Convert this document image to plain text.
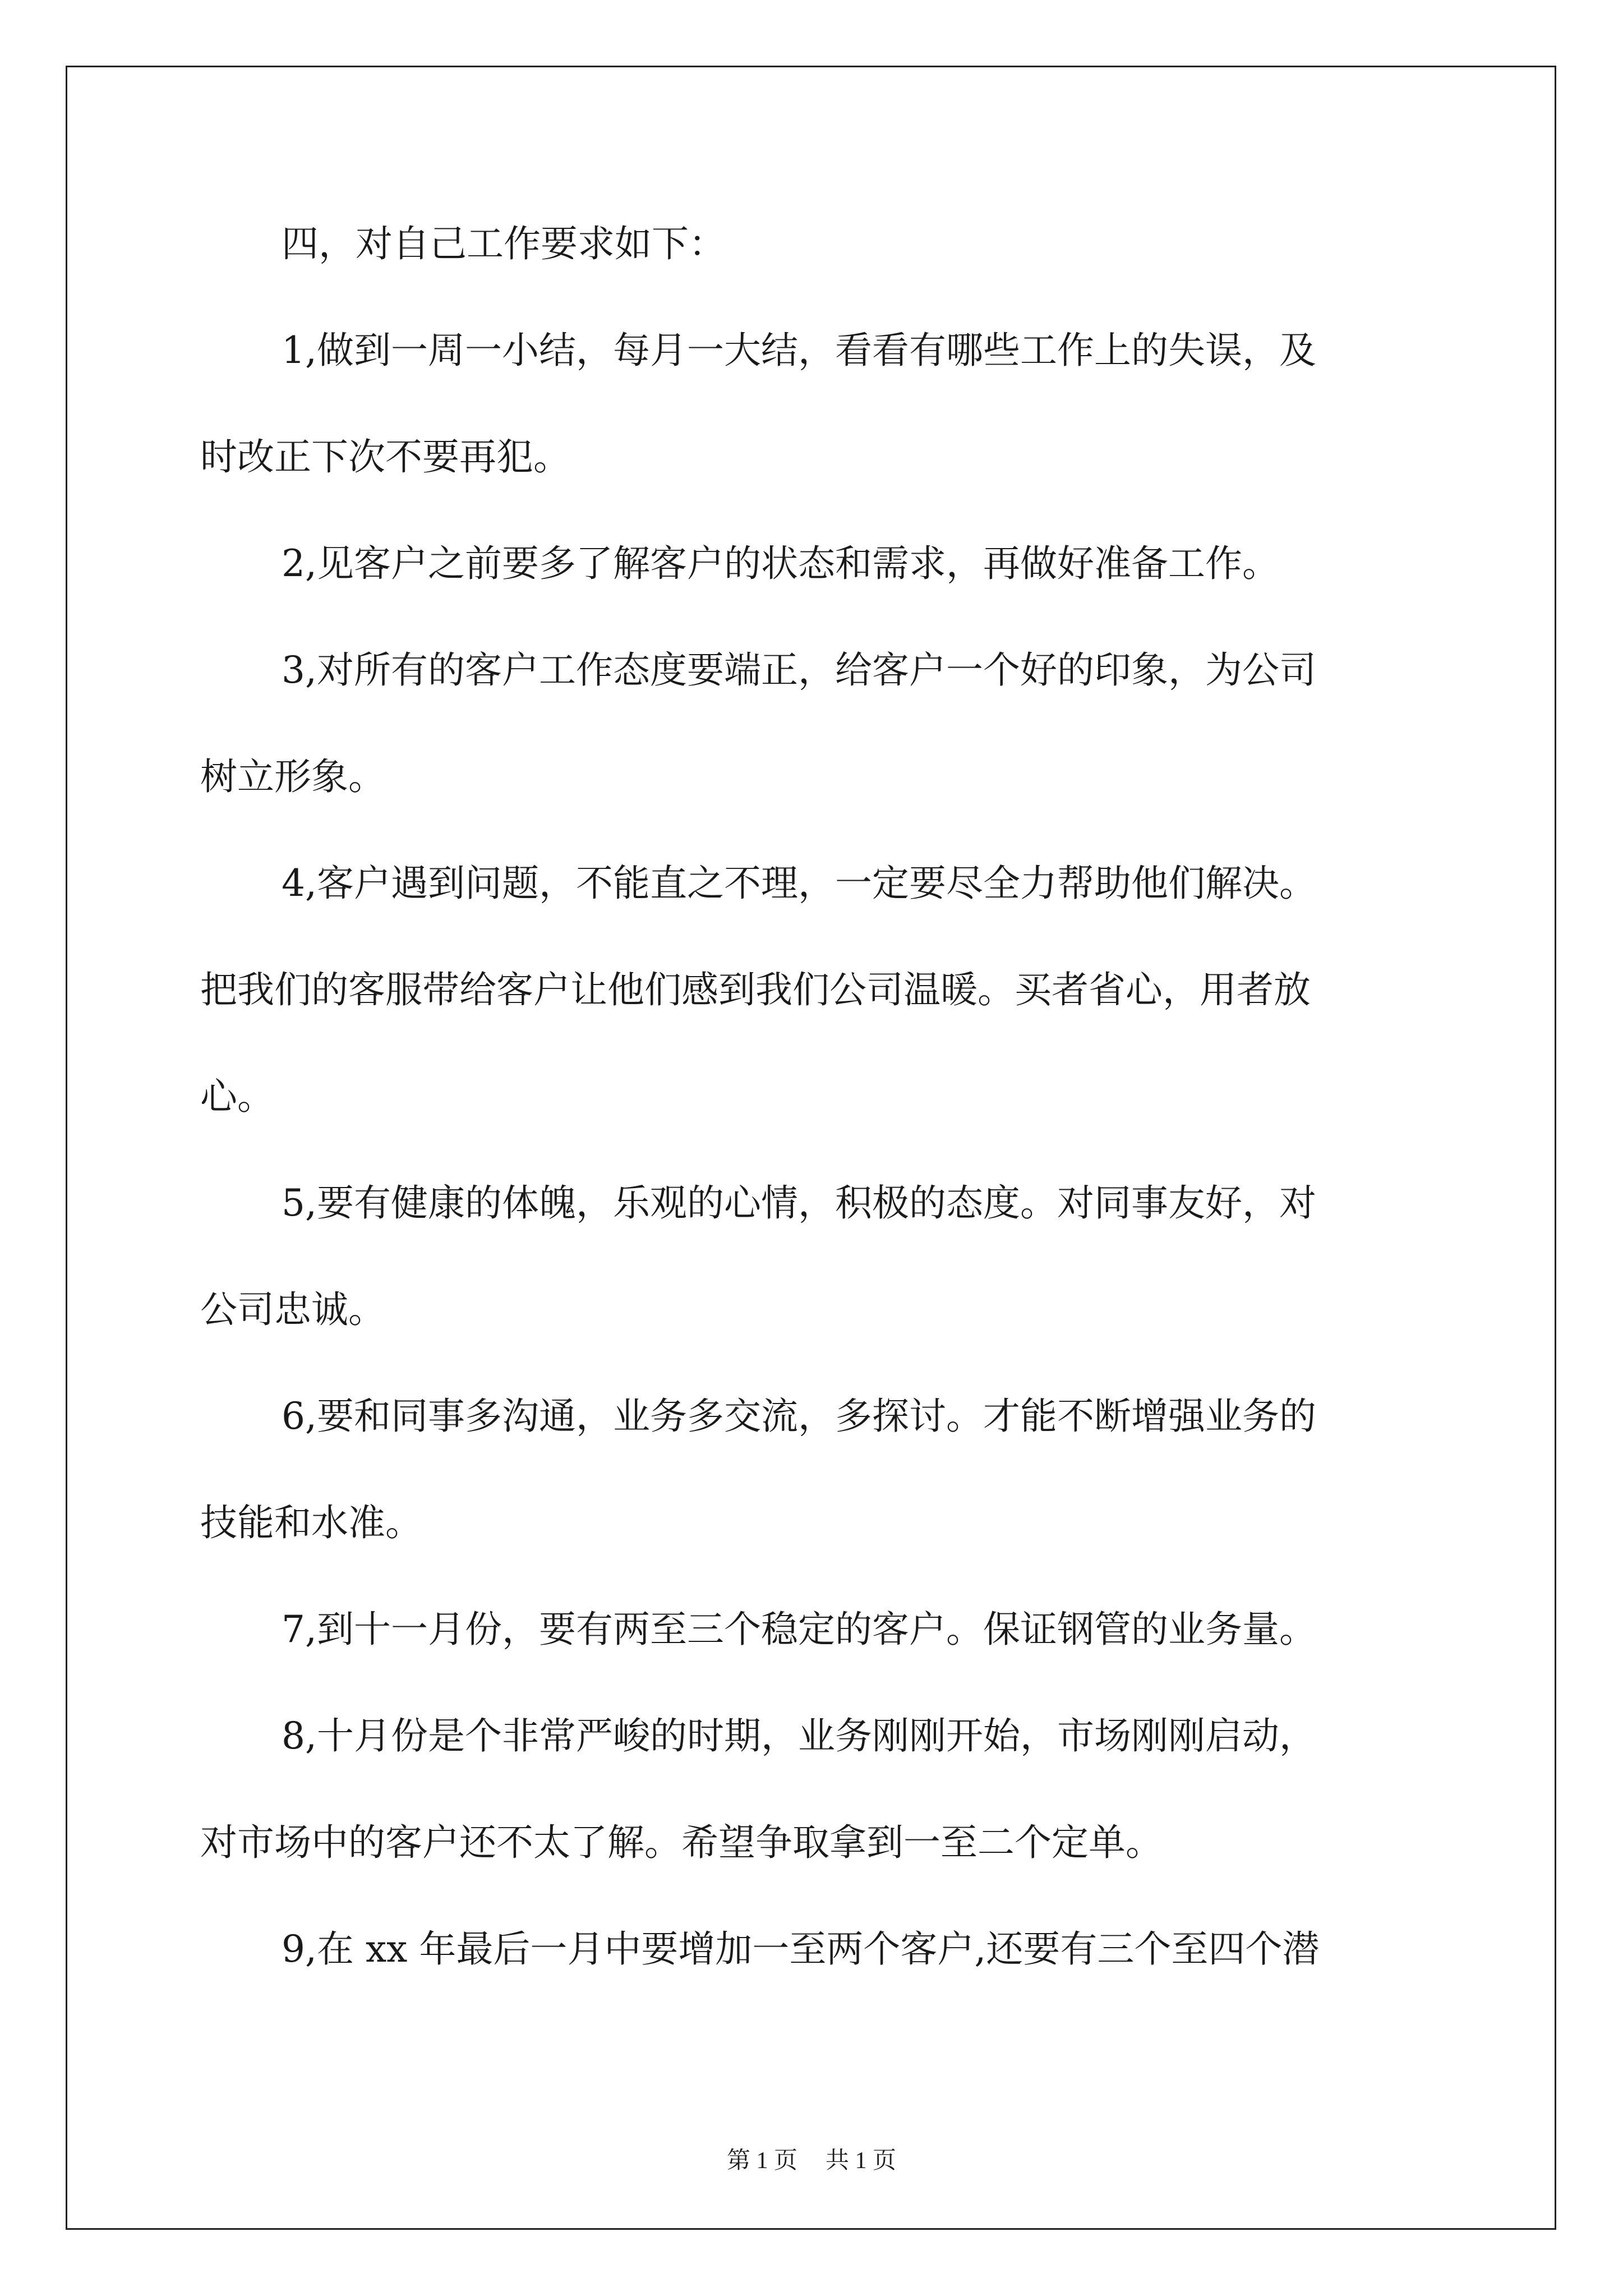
四，对自己工作要求如下：
1,做到一周一小结，每月一大结，看看有哪些工作上的失误，及
时改正下次不要再犯。
2,见客户之前要多了解客户的状态和需求，再做好准备工作。
3,对所有的客户工作态度要端正，给客户一个好的印象，为公司
树立形象。
4,客户遇到问题，不能直之不理，一定要尽全力帮助他们解决。
把我们的客服带给客户让他们感到我们公司温暖。买者省心，用者放
心。
5,要有健康的体魄，乐观的心情，积极的态度。对同事友好，对
公司忠诚。
6,要和同事多沟通，业务多交流，多探讨。才能不断增强业务的
技能和水准。
7,到十一月份，要有两至三个稳定的客户。保证钢管的业务量。
8,十月份是个非常严峻的时期，业务刚刚开始，市场刚刚启动，
对市场中的客户还不太了解。希望争取拿到一至二个定单。
9,在 xx 年最后一月中要增加一至两个客户,还要有三个至四个潜
第 1 页 共 1 页
